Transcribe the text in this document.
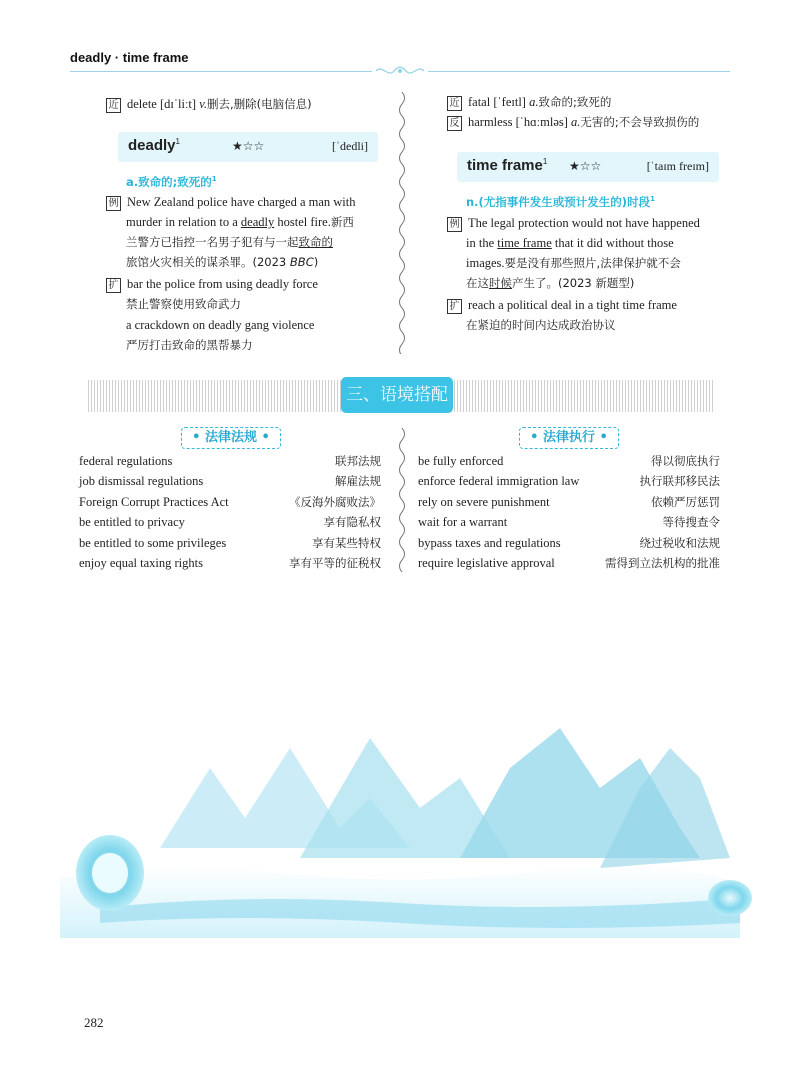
deadly · time frame
近 delete [dɪˈliːt] v.删去,删除(电脑信息)
deadly$^1$	★☆☆	[ˈdedli]
a.致命的;致死的$^1$
例 New Zealand police have charged a man with
murder in relation to a deadly hostel fire.新西
兰警方已指控一名男子犯有与一起致命的
旅馆火灾相关的谋杀罪。(2023 BBC)
扩 bar the police from using deadly force
禁止警察使用致命武力
a crackdown on deadly gang violence
严厉打击致命的黑帮暴力
近 fatal [ˈfeɪtl] a.致命的;致死的
反 harmless [ˈhɑːmləs] a.无害的;不会导致损伤的
time frame$^1$ ★☆☆	[ˈtaɪm freɪm]
n.(尤指事件发生或预计发生的)时段$^1$
例 The legal protection would not have happened
in the time frame that it did without those
images.要是没有那些照片,法律保护就不会
在这时候产生了。(2023 新题型)
扩 reach a political deal in a tight time frame
在紧迫的时间内达成政治协议
三、语境搭配
• 法律法规 •	• 法律执行 •
federal regulations	联邦法规
job dismissal regulations	解雇法规
Foreign Corrupt Practices Act	《反海外腐败法》
be entitled to privacy	享有隐私权
be entitled to some privileges	享有某些特权
enjoy equal taxing rights	享有平等的征税权
be fully enforced	得以彻底执行
enforce federal immigration law	执行联邦移民法
rely on severe punishment	依赖严厉惩罚
wait for a warrant	等待搜查令
bypass taxes and regulations	绕过税收和法规
require legislative approval	需得到立法机构的批准
282
